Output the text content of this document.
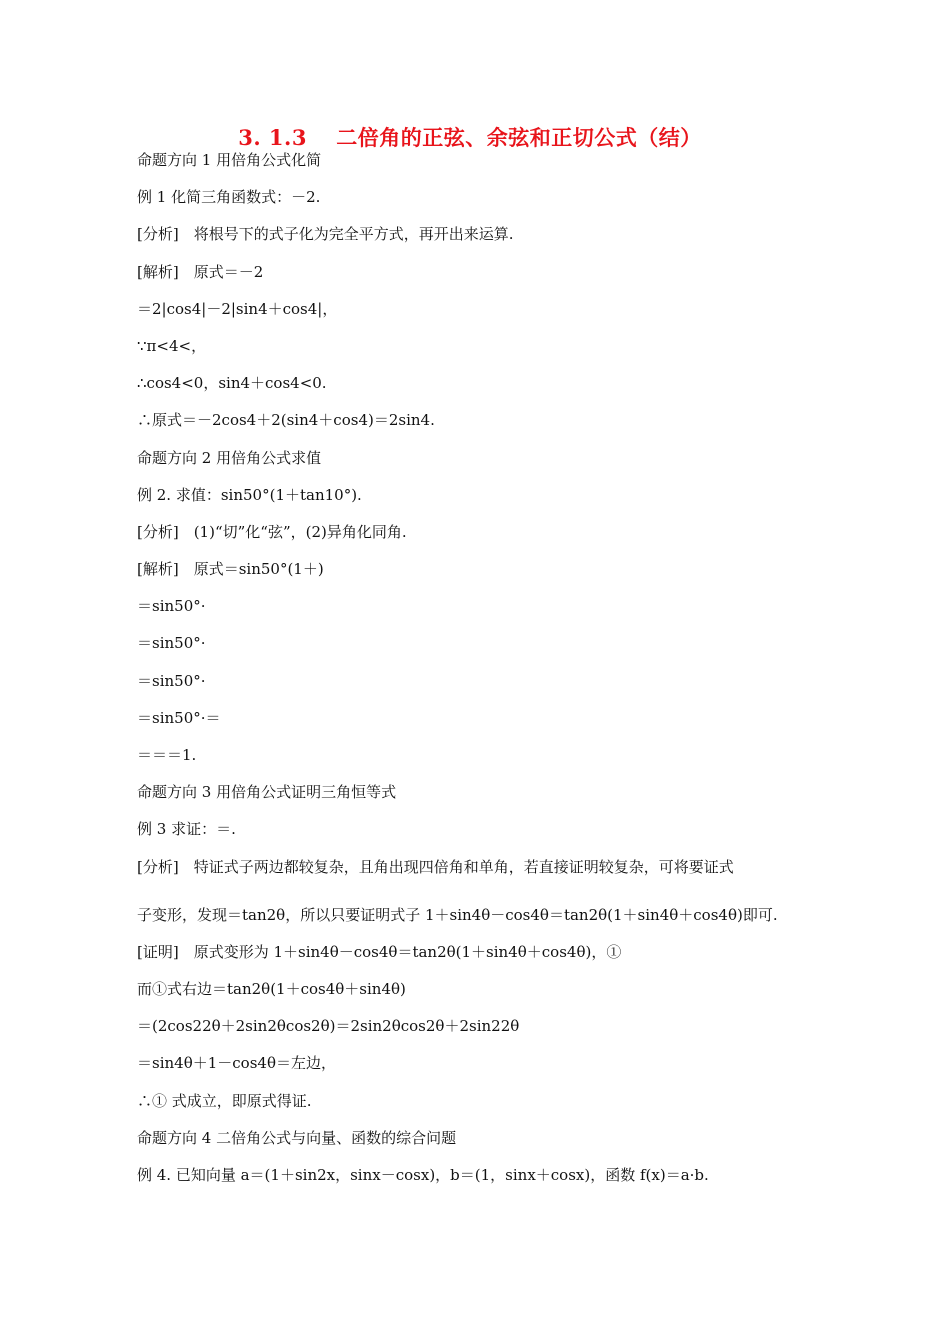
3. 1.3　 二倍角的正弦、余弦和正切公式（结）
命题方向 1 用倍角公式化简
例 1 化简三角函数式：－2.
[分析]　将根号下的式子化为完全平方式，再开出来运算.
[解析]　原式＝－2
＝2|cos4|－2|sin4＋cos4|，
∵π<4<，
∴cos4<0，sin4＋cos4<0.
∴原式＝－2cos4＋2(sin4＋cos4)＝2sin4.
命题方向 2 用倍角公式求值
例 2. 求值：sin50°(1＋tan10°).
[分析]　(1)“切”化“弦”，(2)异角化同角.
[解析]　原式＝sin50°(1＋)
＝sin50°·
＝sin50°·
＝sin50°·
＝sin50°·＝
＝＝＝1.
命题方向 3 用倍角公式证明三角恒等式
例 3 求证：＝.
[分析]　特证式子两边都较复杂，且角出现四倍角和单角，若直接证明较复杂，可将要证式
子变形，发现＝tan2θ，所以只要证明式子 1＋sin4θ－cos4θ＝tan2θ(1＋sin4θ＋cos4θ)即可.
[证明]　原式变形为 1＋sin4θ－cos4θ＝tan2θ(1＋sin4θ＋cos4θ)，①
而①式右边＝tan2θ(1＋cos4θ＋sin4θ)
＝(2cos22θ＋2sin2θcos2θ)＝2sin2θcos2θ＋2sin22θ
＝sin4θ＋1－cos4θ＝左边，
∴① 式成立，即原式得证.
命题方向 4 二倍角公式与向量、函数的综合问题
例 4. 已知向量 a＝(1＋sin2x，sinx－cosx)，b＝(1，sinx＋cosx)，函数 f(x)＝a·b.
